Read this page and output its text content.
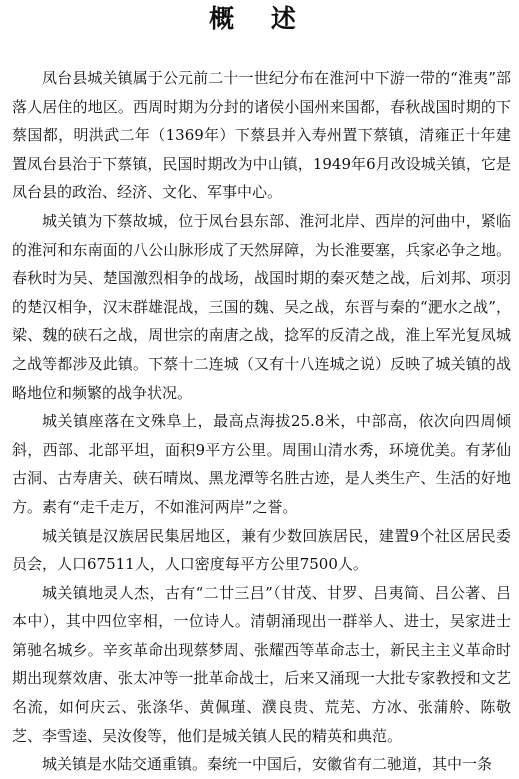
概 述

凤台县城关镇属于公元前二十一世纪分布在淮河中下游一带的“淮夷”部落人居住的地区。西周时期为分封的诸侯小国州来国都，春秋战国时期的下蔡国都，明洪武二年（1369年）下蔡县并入寿州置下蔡镇，清雍正十年建置凤台县治于下蔡镇，民国时期改为中山镇，1949年6月改设城关镇，它是凤台县的政治、经济、文化、军事中心。

城关镇为下蔡故城，位于凤台县东部、淮河北岸、西岸的河曲中，紧临的淮河和东南面的八公山脉形成了天然屏障，为长淮要塞，兵家必争之地。春秋时为吴、楚国激烈相争的战场，战国时期的秦灭楚之战，后刘邦、项羽的楚汉相争，汉末群雄混战，三国的魏、吴之战，东晋与秦的“淝水之战”，梁、魏的硖石之战，周世宗的南唐之战，捻军的反清之战，淮上军光复凤城之战等都涉及此镇。下蔡十二连城（又有十八连城之说）反映了城关镇的战略地位和频繁的战争状况。

城关镇座落在文殊阜上，最高点海拔25.8米，中部高，依次向四周倾斜，西部、北部平坦，面积9平方公里。周围山清水秀，环境优美。有茅仙古洞、古寿唐关、硖石晴岚、黑龙潭等名胜古迹，是人类生产、生活的好地方。素有“走千走万，不如淮河两岸”之誉。

城关镇是汉族居民集居地区，兼有少数回族居民，建置9个社区居民委员会，人口67511人，人口密度每平方公里7500人。

城关镇地灵人杰，古有“二廿三吕”（甘茂、甘罗、吕夷简、吕公著、吕本中），其中四位宰相，一位诗人。清朝涌现出一群举人、进士，吴家进士第驰名城乡。辛亥革命出现蔡梦周、张耀西等革命志士，新民主主义革命时期出现蔡效唐、张太冲等一批革命战士，后来又涌现一大批专家教授和文艺名流，如何庆云、张涤华、黄佩瑾、濮良贵、荒芜、方冰、张蒲舲、陈敬芝、李雪逵、吴汝俊等，他们是城关镇人民的精英和典范。

城关镇是水陆交通重镇。秦统一中国后，安徽省有二驰道，其中一条
